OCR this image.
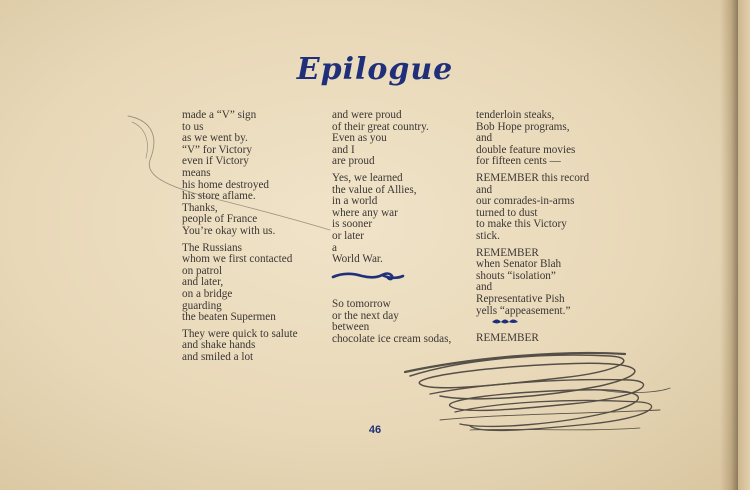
Epilogue
made a “V” sign
to us
as we went by.
“V” for Victory
even if Victory
means
his home destroyed
his store aflame.
Thanks,
people of France
You’re okay with us.
The Russians
whom we first contacted
on patrol
and later,
on a bridge
guarding
the beaten Supermen
They were quick to salute
and shake hands
and smiled a lot
and were proud
of their great country.
Even as you
and I
are proud
Yes, we learned
the value of Allies,
in a world
where any war
is sooner
or later
a
World War.
So tomorrow
or the next day
between
chocolate ice cream sodas,
tenderloin steaks,
Bob Hope programs,
and
double feature movies
for fifteen cents —
REMEMBER this record
and
our comrades-in-arms
turned to dust
to make this Victory
stick.
REMEMBER
when Senator Blah
shouts “isolation”
and
Representative Pish
yells “appeasement.”
REMEMBER
46
